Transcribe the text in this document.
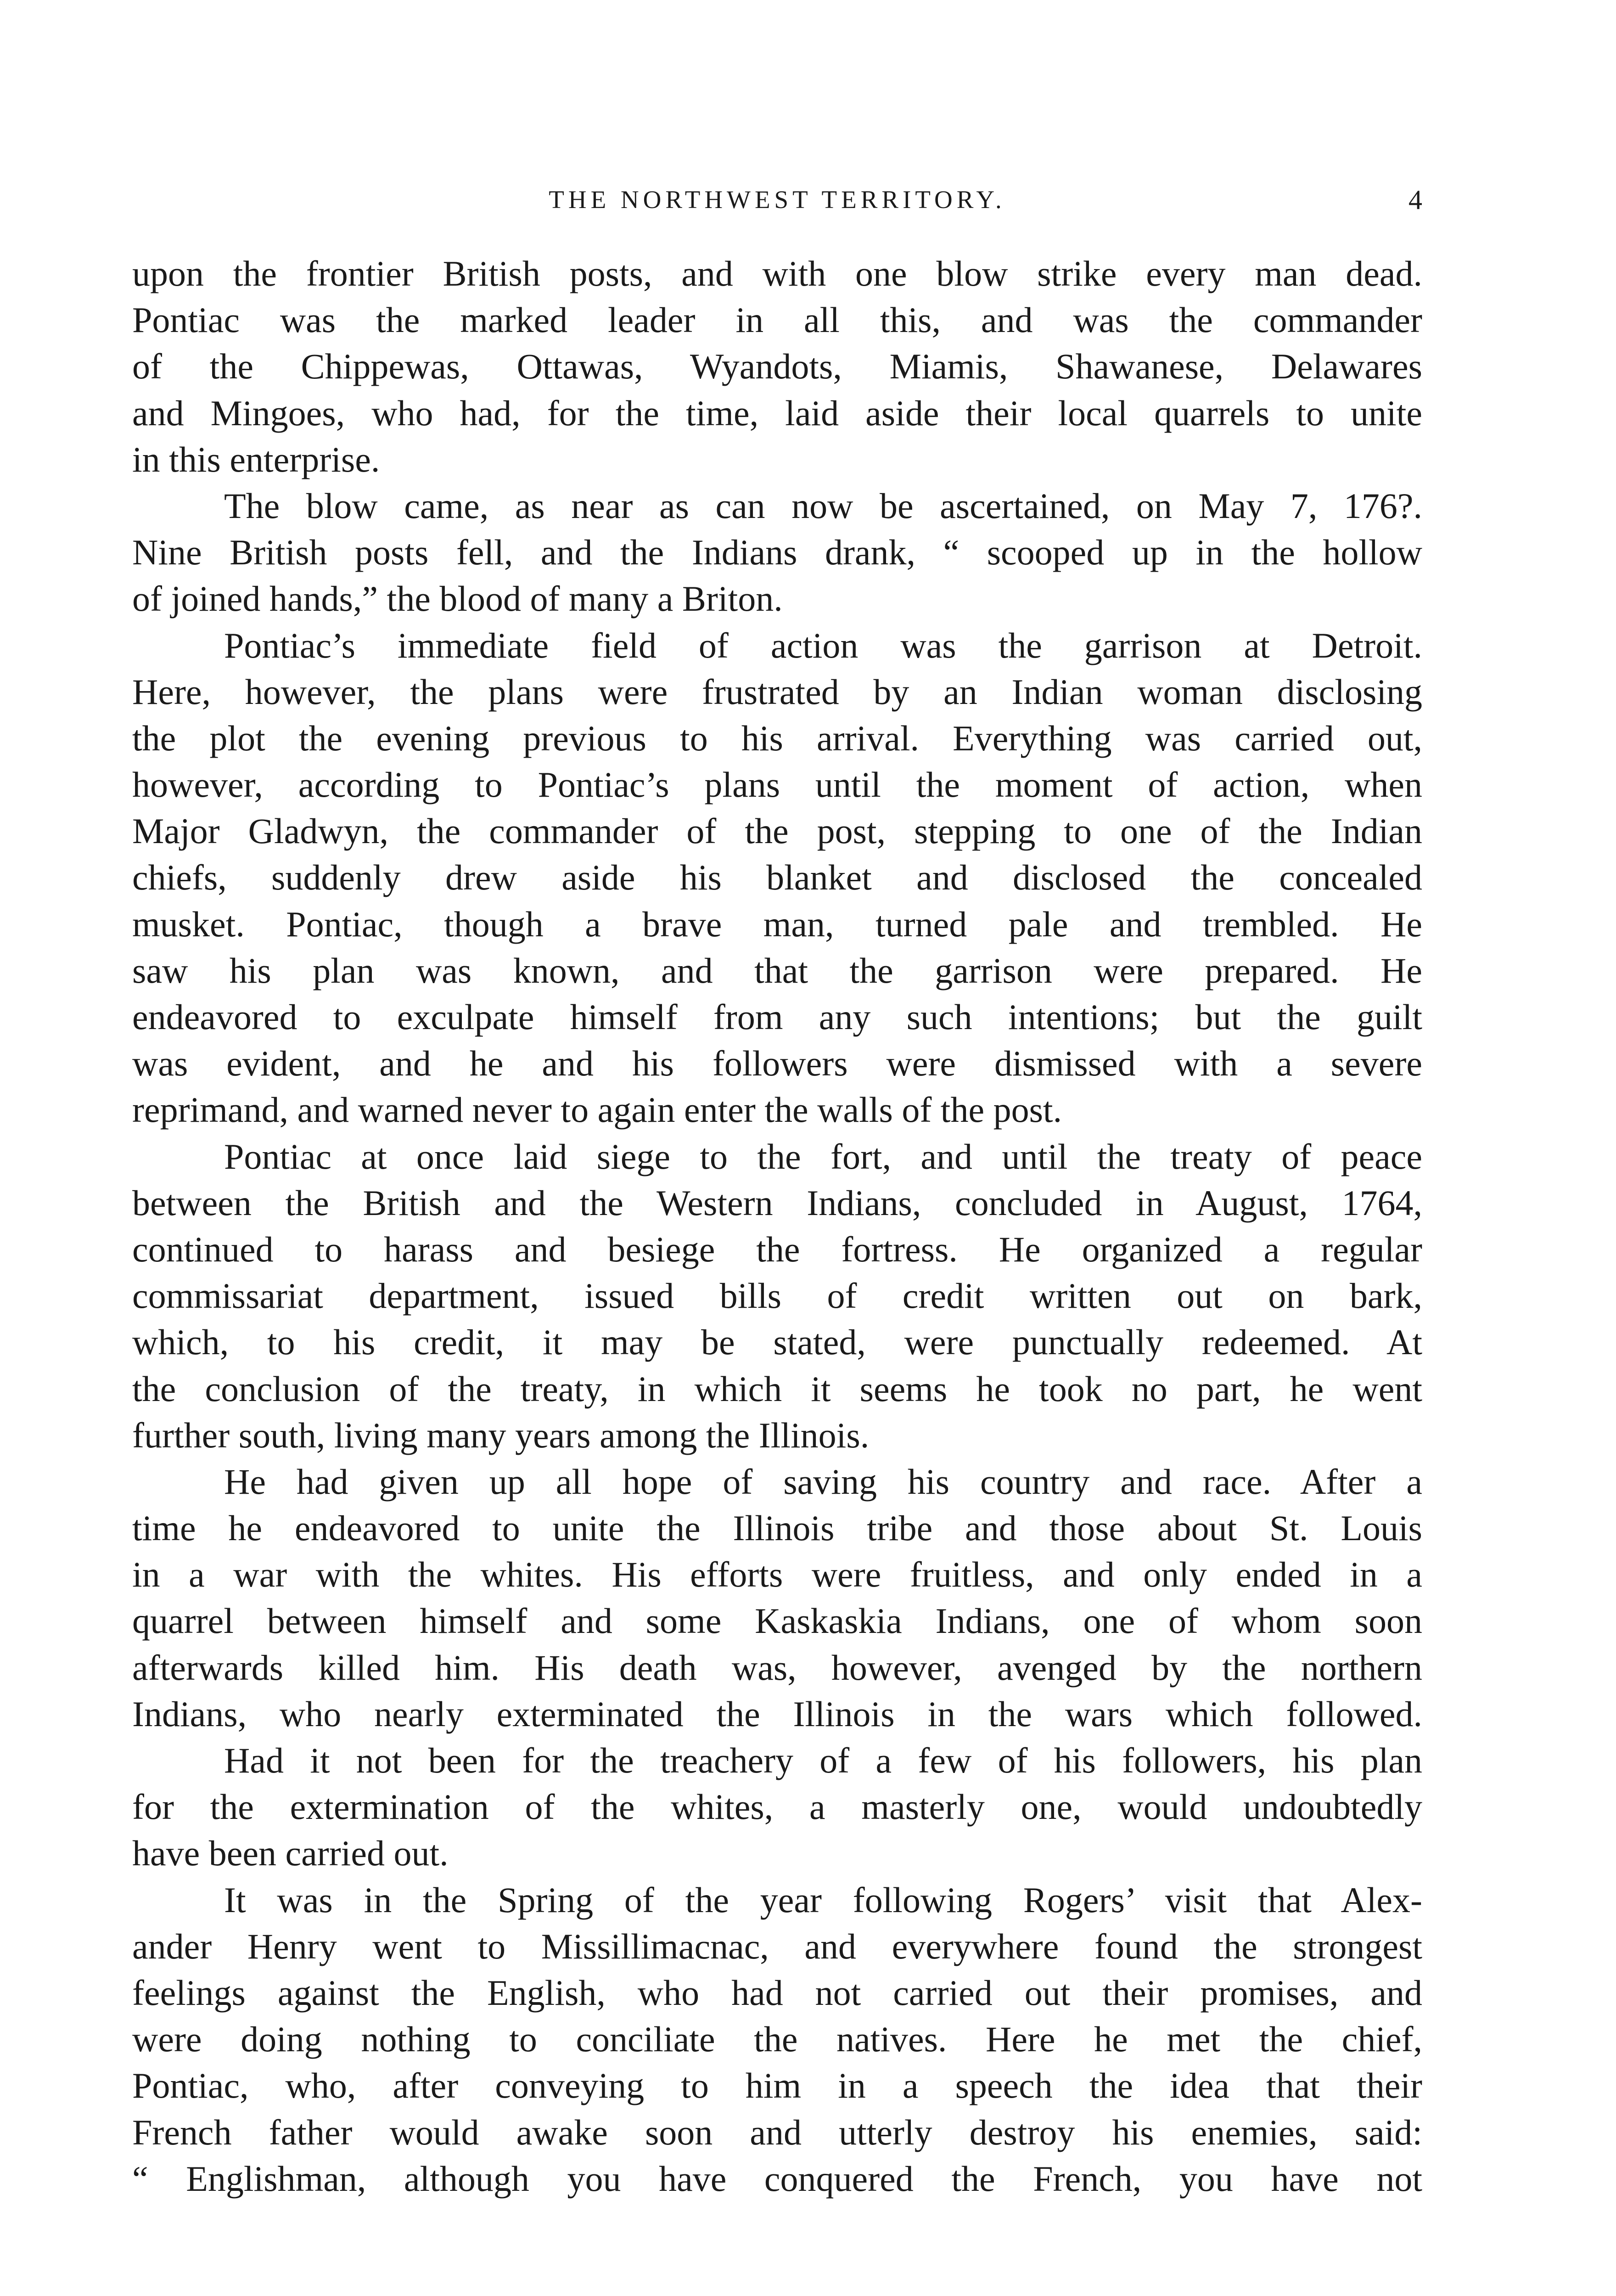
THE NORTHWEST TERRITORY.	4
upon the frontier British posts, and with one blow strike every man dead.
Pontiac was the marked leader in all this, and was the commander
of the Chippewas, Ottawas, Wyandots, Miamis, Shawanese, Delawares
and Mingoes, who had, for the time, laid aside their local quarrels to unite
in this enterprise.
The blow came, as near as can now be ascertained, on May 7, 176?.
Nine British posts fell, and the Indians drank, “ scooped up in the hollow
of joined hands,” the blood of many a Briton.
Pontiac’s immediate field of action was the garrison at Detroit.
Here, however, the plans were frustrated by an Indian woman disclosing
the plot the evening previous to his arrival. Everything was carried out,
however, according to Pontiac’s plans until the moment of action, when
Major Gladwyn, the commander of the post, stepping to one of the Indian
chiefs, suddenly drew aside his blanket and disclosed the concealed
musket. Pontiac, though a brave man, turned pale and trembled. He
saw his plan was known, and that the garrison were prepared. He
endeavored to exculpate himself from any such intentions; but the guilt
was evident, and he and his followers were dismissed with a severe
reprimand, and warned never to again enter the walls of the post.
Pontiac at once laid siege to the fort, and until the treaty of peace
between the British and the Western Indians, concluded in August, 1764,
continued to harass and besiege the fortress. He organized a regular
commissariat department, issued bills of credit written out on bark,
which, to his credit, it may be stated, were punctually redeemed. At
the conclusion of the treaty, in which it seems he took no part, he went
further south, living many years among the Illinois.
He had given up all hope of saving his country and race. After a
time he endeavored to unite the Illinois tribe and those about St. Louis
in a war with the whites. His efforts were fruitless, and only ended in a
quarrel between himself and some Kaskaskia Indians, one of whom soon
afterwards killed him. His death was, however, avenged by the northern
Indians, who nearly exterminated the Illinois in the wars which followed.
Had it not been for the treachery of a few of his followers, his plan
for the extermination of the whites, a masterly one, would undoubtedly
have been carried out.
It was in the Spring of the year following Rogers’ visit that Alex-
ander Henry went to Missillimacnac, and everywhere found the strongest
feelings against the English, who had not carried out their promises, and
were doing nothing to conciliate the natives. Here he met the chief,
Pontiac, who, after conveying to him in a speech the idea that their
French father would awake soon and utterly destroy his enemies, said:
“ Englishman, although you have conquered the French, you have not
